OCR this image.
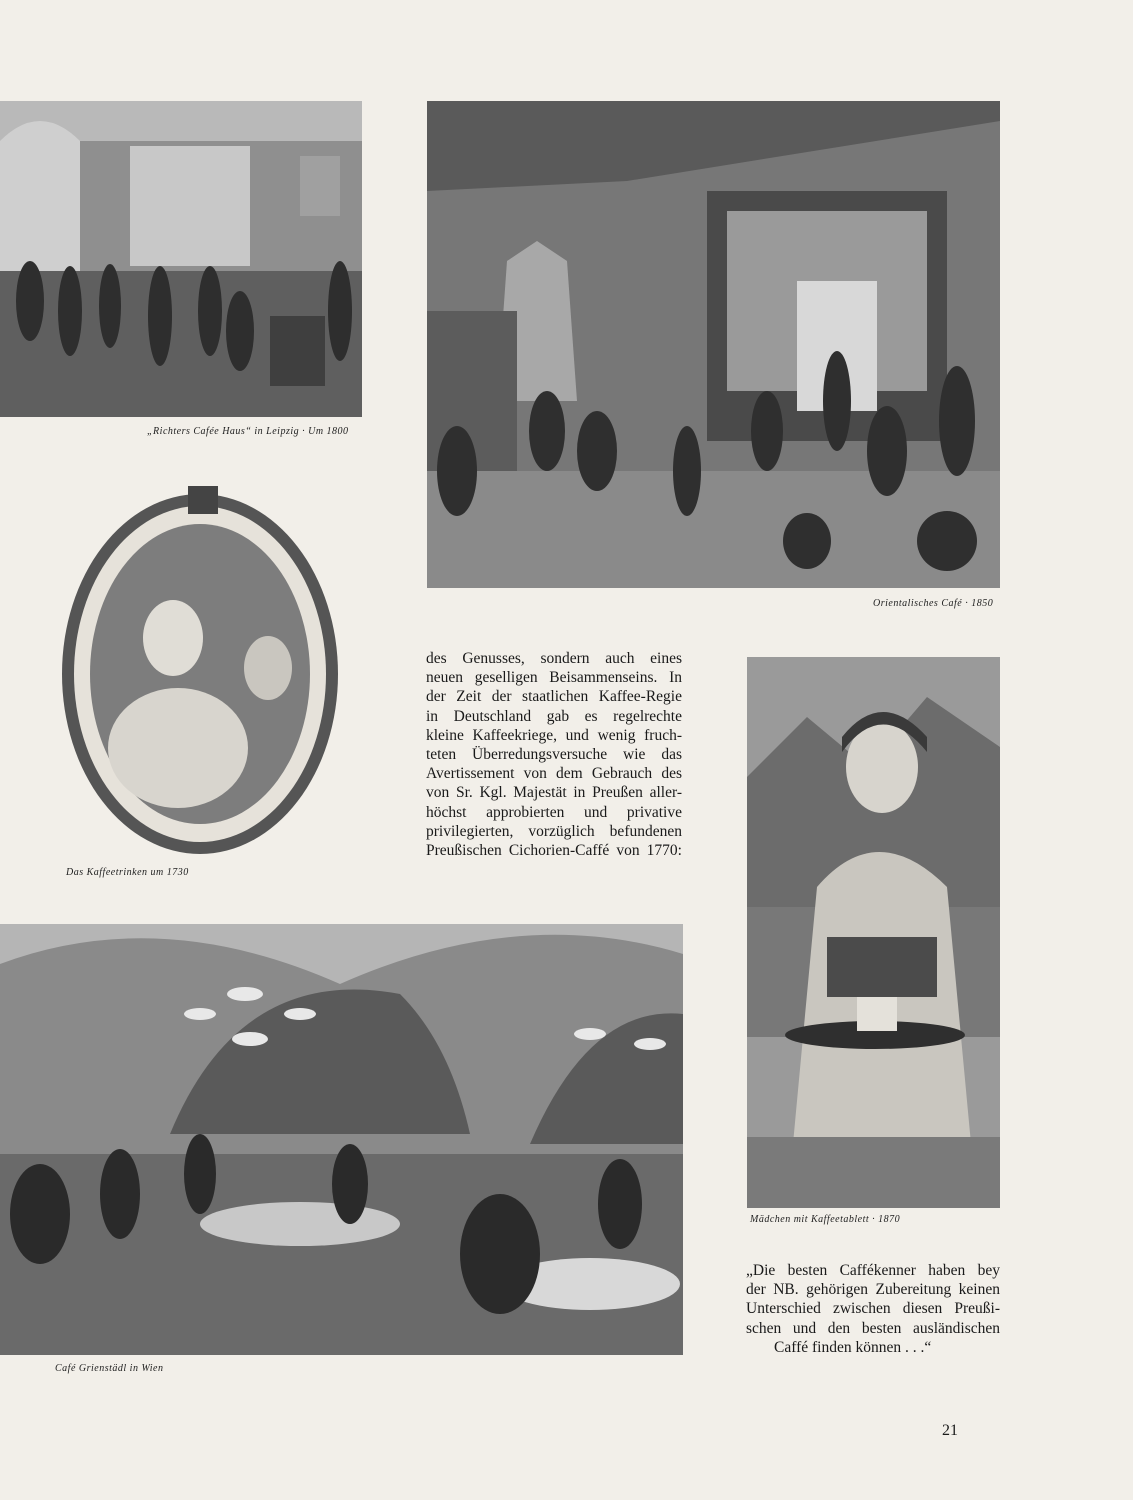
„Richters Cafée Haus“ in Leipzig · Um 1800
Orientalisches Café · 1850
Das Kaffeetrinken um 1730
des Genusses, sondern auch eines
neuen geselligen Beisammenseins. In
der Zeit der staatlichen Kaffee-Regie
in Deutschland gab es regelrechte
kleine Kaffeekriege, und wenig fruch-
teten Überredungsversuche wie das
Avertissement von dem Gebrauch des
von Sr. Kgl. Majestät in Preußen aller-
höchst approbierten und privative
privilegierten, vorzüglich befundenen
Preußischen Cichorien-Caffé von 1770:
Mädchen mit Kaffeetablett · 1870
Café Grienstädl in Wien
„Die besten Caffékenner haben bey
der NB. gehörigen Zubereitung keinen
Unterschied zwischen diesen Preußi-
schen und den besten ausländischen
Caffé finden können . . .“
21
